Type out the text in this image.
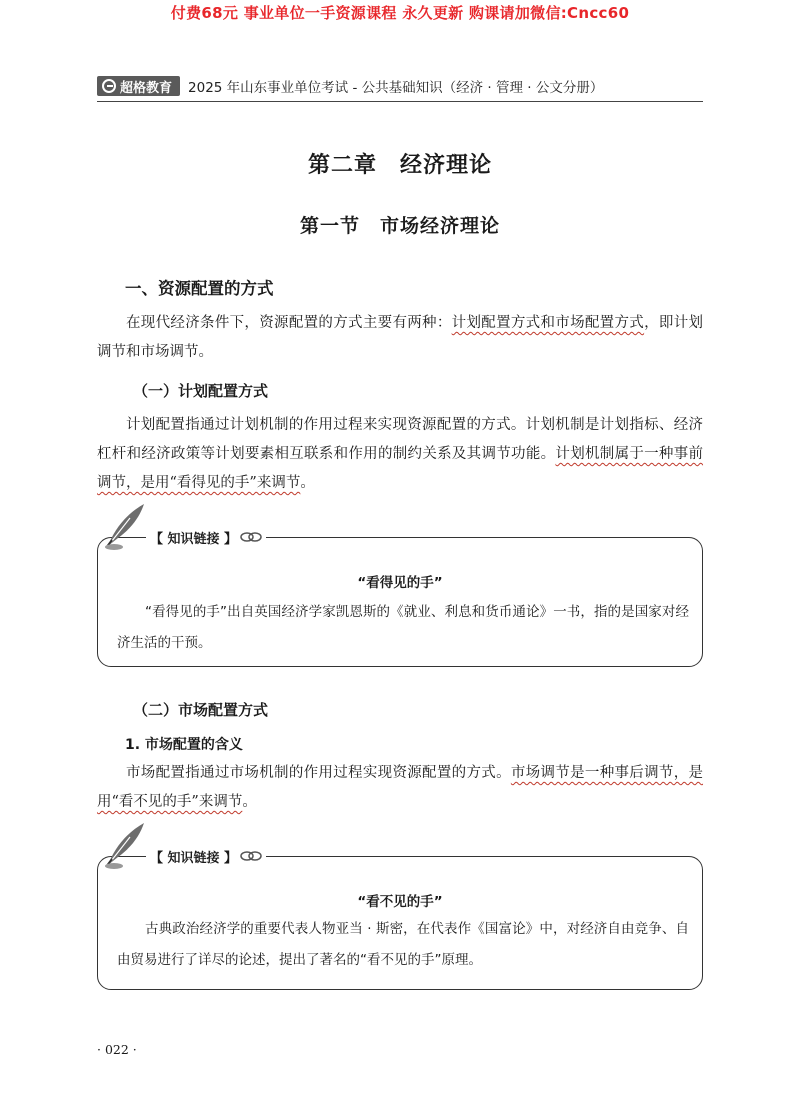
付费68元 事业单位一手资源课程 永久更新 购课请加微信:Cncc60
超格教育 2025 年山东事业单位考试 - 公共基础知识（经济 · 管理 · 公文分册）
第二章　经济理论
第一节　市场经济理论
一、资源配置的方式
在现代经济条件下，资源配置的方式主要有两种：计划配置方式和市场配置方式，即计划调节和市场调节。
（一）计划配置方式
计划配置指通过计划机制的作用过程来实现资源配置的方式。计划机制是计划指标、经济杠杆和经济政策等计划要素相互联系和作用的制约关系及其调节功能。计划机制属于一种事前调节，是用“看得见的手”来调节。
【 知识链接 】
“看得见的手”
“看得见的手”出自英国经济学家凯恩斯的《就业、利息和货币通论》一书，指的是国家对经济生活的干预。
（二）市场配置方式
1. 市场配置的含义
市场配置指通过市场机制的作用过程实现资源配置的方式。市场调节是一种事后调节，是用“看不见的手”来调节。
【 知识链接 】
“看不见的手”
古典政治经济学的重要代表人物亚当 · 斯密，在代表作《国富论》中，对经济自由竞争、自由贸易进行了详尽的论述，提出了著名的“看不见的手”原理。
· 022 ·
